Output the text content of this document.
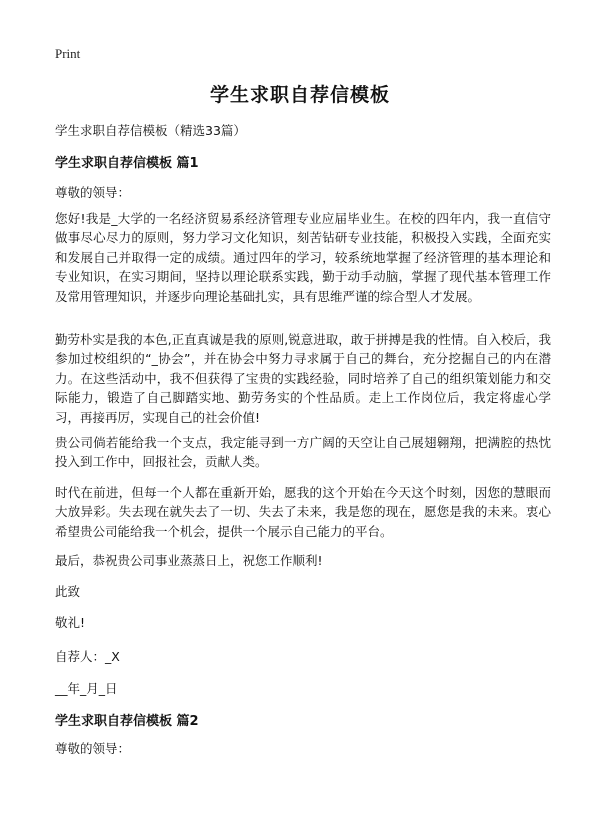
Print
学生求职自荐信模板
学生求职自荐信模板（精选33篇）
学生求职自荐信模板 篇1
尊敬的领导：
您好!我是_大学的一名经济贸易系经济管理专业应届毕业生。在校的四年内，我一直信守做事尽心尽力的原则，努力学习文化知识，刻苦钻研专业技能，积极投入实践，全面充实和发展自己并取得一定的成绩。通过四年的学习，较系统地掌握了经济管理的基本理论和专业知识，在实习期间，坚持以理论联系实践，勤于动手动脑，掌握了现代基本管理工作及常用管理知识，并逐步向理论基础扎实，具有思维严谨的综合型人才发展。
勤劳朴实是我的本色,正直真诚是我的原则,锐意进取，敢于拼搏是我的性情。自入校后，我参加过校组织的“_协会”，并在协会中努力寻求属于自己的舞台，充分挖掘自己的内在潜力。在这些活动中，我不但获得了宝贵的实践经验，同时培养了自己的组织策划能力和交际能力，锻造了自己脚踏实地、勤劳务实的个性品质。走上工作岗位后，我定将虚心学习，再接再厉，实现自己的社会价值!
贵公司倘若能给我一个支点，我定能寻到一方广阔的天空让自己展翅翱翔，把满腔的热忱投入到工作中，回报社会，贡献人类。
时代在前进，但每一个人都在重新开始，愿我的这个开始在今天这个时刻，因您的慧眼而大放异彩。失去现在就失去了一切、失去了未来，我是您的现在，愿您是我的未来。衷心希望贵公司能给我一个机会，提供一个展示自己能力的平台。
最后，恭祝贵公司事业蒸蒸日上，祝您工作顺利!
此致
敬礼!
自荐人：_X
__年_月_日
学生求职自荐信模板 篇2
尊敬的领导：
